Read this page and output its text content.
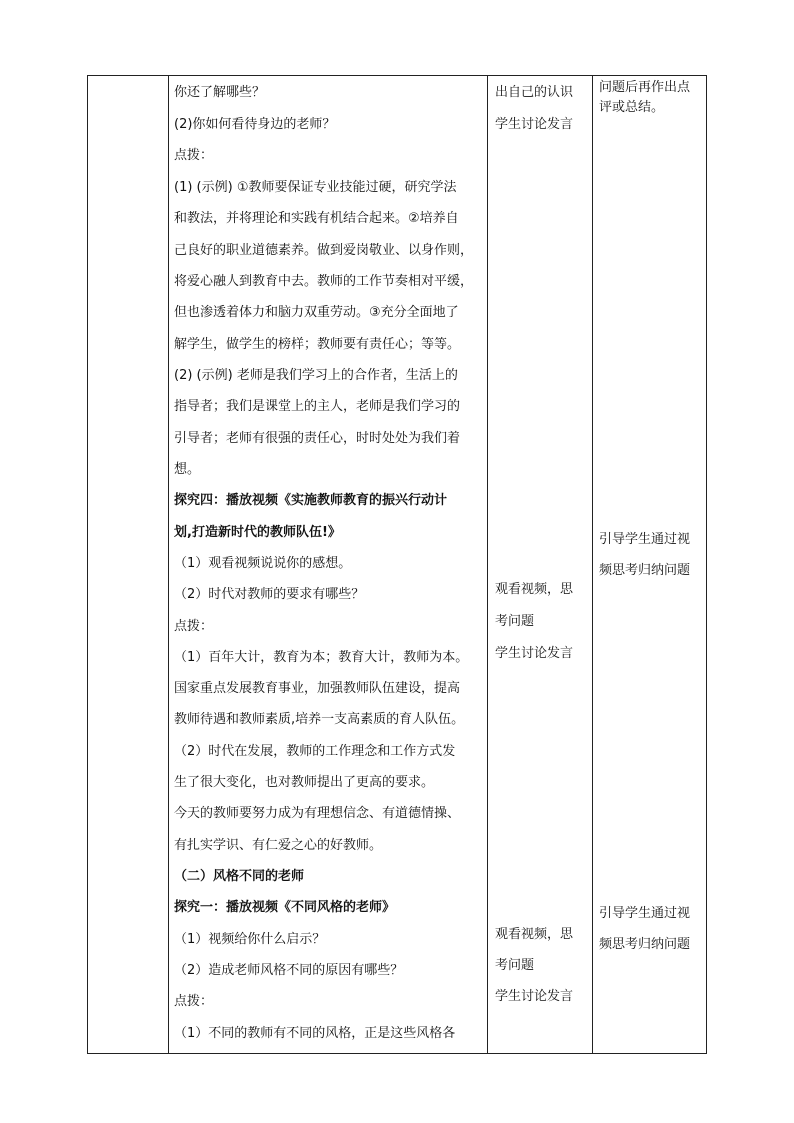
你还了解哪些？
(2)你如何看待身边的老师？
点拨：
(1) (示例) ①教师要保证专业技能过硬，研究学法
和教法，并将理论和实践有机结合起来。②培养自
己良好的职业道德素养。做到爱岗敬业、以身作则，
将爱心融人到教育中去。教师的工作节奏相对平缓，
但也渗透着体力和脑力双重劳动。③充分全面地了
解学生，做学生的榜样；教师要有责任心；等等。
(2) (示例) 老师是我们学习上的合作者，生活上的
指导者；我们是课堂上的主人，老师是我们学习的
引导者；老师有很强的责任心，时时处处为我们着
想。
探究四：播放视频《实施教师教育的振兴行动计
划,打造新时代的教师队伍!》
（1）观看视频说说你的感想。
（2）时代对教师的要求有哪些？
点拨：
（1）百年大计，教育为本；教育大计，教师为本。
国家重点发展教育事业，加强教师队伍建设，提高
教师待遇和教师素质,培养一支高素质的育人队伍。
（2）时代在发展，教师的工作理念和工作方式发
生了很大变化，也对教师提出了更高的要求。
今天的教师要努力成为有理想信念、有道德情操、
有扎实学识、有仁爱之心的好教师。
（二）风格不同的老师
探究一：播放视频《不同风格的老师》
（1）视频给你什么启示？
（2）造成老师风格不同的原因有哪些？
点拨：
（1）不同的教师有不同的风格，正是这些风格各
出自己的认识
学生讨论发言
观看视频，思
考问题
学生讨论发言
观看视频，思
考问题
学生讨论发言
问题后再作出点
评或总结。
引导学生通过视
频思考归纳问题
引导学生通过视
频思考归纳问题
